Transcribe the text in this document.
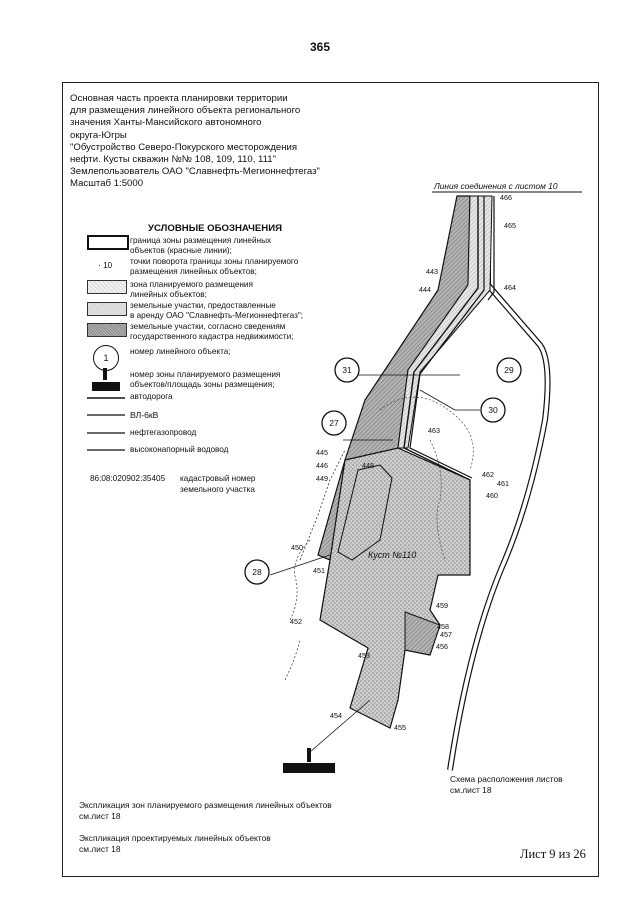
365
Основная часть проекта планировки территории
для размещения линейного объекта регионального
значения Ханты-Мансийского автономного
округа-Югры
"Обустройство Северо-Покурского месторождения
нефти. Кусты скважин №№ 108, 109, 110, 111"
Землепользователь ОАО "Славнефть-Мегионнефтегаз"
Масштаб 1:5000
УСЛОВНЫЕ ОБОЗНАЧЕНИЯ
граница зоны размещения линейных
объектов (красные линии);
· 10 точки поворота границы зоны планируемого
размещения линейных объектов;
зона планируемого размещения
линейных объектов;
земельные участки, предоставленные
в аренду ОАО "Славнефть-Мегионнефтегаз";
земельные участки, согласно сведениям
государственного кадастра недвижимости;
1
номер линейного объекта;
номер зоны планируемого размещения
объектов/площадь зоны размещения;
автодорога
ВЛ-6кВ
нефтегазопровод
высоконапорный водовод
86:08:020902:35405 кадастровый номер
земельного участка
31	29
27
30
28
466
465
464
443
444
463
445
446
449
448
462
461
460
450
451
459
458
457
456
452
453
454
455
Линия соединения с листом 10
Куст №110
Схема расположения листов
см.лист 18
Экспликация зон планируемого размещения линейных объектов
см.лист 18
Экспликация проектируемых линейных объектов
см.лист 18	Лист 9 из 26
